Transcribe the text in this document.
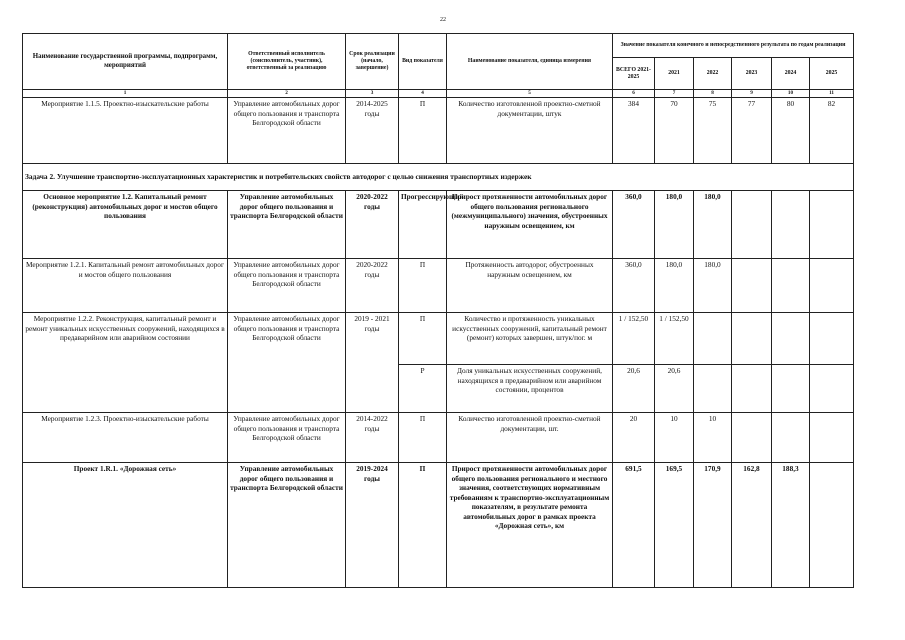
22
Наименование государственной программы, подпрограмм, мероприятий	Ответственный исполнитель (соисполнитель, участник), ответственный за реализацию	Срок реализации (начало, завершение)	Вид показателя	Наименование показателя, единица измерения	Значение показателя конечного и непосредственного результата по годам реализации					
					ВСЕГО 2021-2025	2021	2022	2023	2024	2025
1	2	3	4	5	6	7	8	9	10	11
Мероприятие 1.1.5. Проектно-изыскательские работы	Управление автомобильных дорог общего пользования и транспорта Белгородской области	2014-2025 годы	П	Количество изготовленной проектно-сметной документации, штук	384	70	75	77	80	82
Задача 2. Улучшение транспортно-эксплуатационных характеристик и потребительских свойств автодорог с целью снижения транспортных издержек										
Основное мероприятие 1.2. Капитальный ремонт (реконструкция) автомобильных дорог и мостов общего пользования	Управление автомобильных дорог общего пользования и транспорта Белгородской области	2020-2022 годы	Прогрессирующий	Прирост протяженности автомобильных дорог общего пользования регионального (межмуниципального) значения, обустроенных наружным освещением, км	360,0	180,0	180,0			
Мероприятие 1.2.1. Капитальный ремонт автомобильных дорог и мостов общего пользования	Управление автомобильных дорог общего пользования и транспорта Белгородской области	2020-2022 годы	П	Протяженность автодорог, обустроенных наружным освещением, км	360,0	180,0	180,0			
Мероприятие 1.2.2. Реконструкция, капитальный ремонт и ремонт уникальных искусственных сооружений, находящихся в предаварийном или аварийном состоянии	Управление автомобильных дорог общего пользования и транспорта Белгородской области	2019 - 2021 годы	П	Количество и протяженность уникальных искусственных сооружений, капитальный ремонт (ремонт) которых завершен, штук/пог. м	1 / 152,50	1 / 152,50				
			Р	Доля уникальных искусственных сооружений, находящихся в предаварийном или аварийном состоянии, процентов	20,6	20,6				
Мероприятие 1.2.3. Проектно-изыскательские работы	Управление автомобильных дорог общего пользования и транспорта Белгородской области	2014-2022 годы	П	Количество изготовленной проектно-сметной документации, шт.	20	10	10			
Проект 1.R.1. «Дорожная сеть»	Управление автомобильных дорог общего пользования и транспорта Белгородской области	2019-2024 годы	П	Прирост протяженности автомобильных дорог общего пользования регионального и местного значения, соответствующих нормативным требованиям к транспортно-эксплуатационным показателям, в результате ремонта автомобильных дорог в рамках проекта «Дорожная сеть», км	691,5	169,5	170,9	162,8	188,3	
